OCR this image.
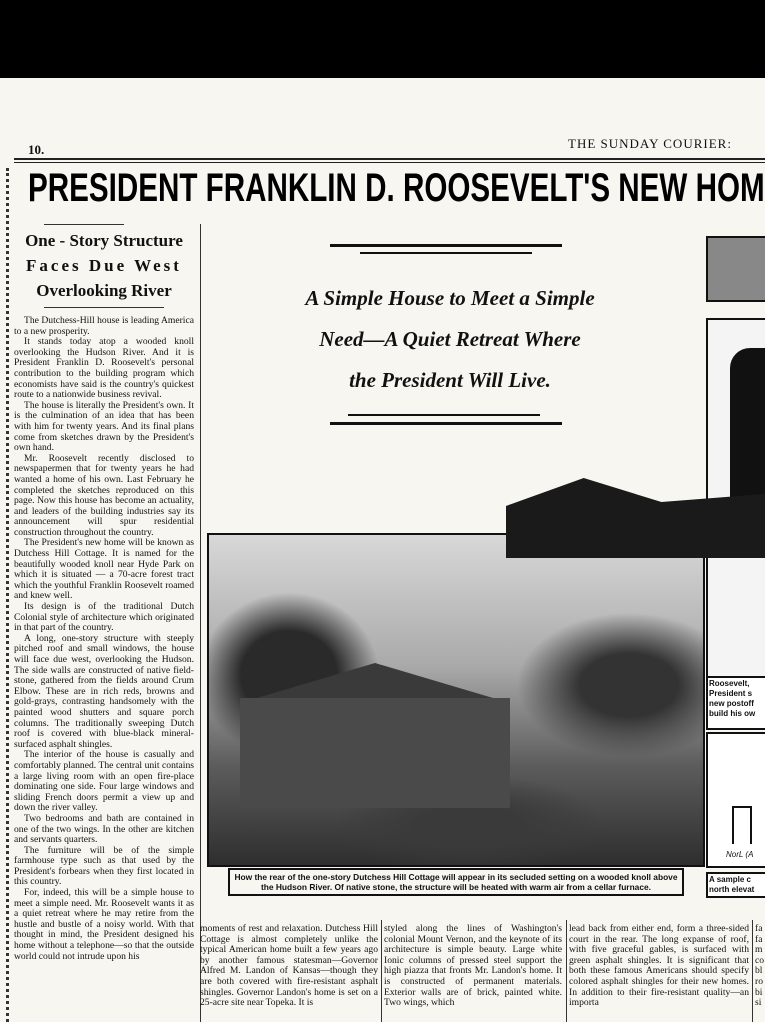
10.	THE SUNDAY COURIER:
PRESIDENT FRANKLIN D. ROOSEVELT'S NEW HOM
One - Story Structure
Faces Due West
Overlooking River

The Dutchess-Hill house is leading America to a new prosperity.

It stands today atop a wooded knoll overlooking the Hudson River. And it is President Franklin D. Roosevelt's personal contribution to the building program which economists have said is the country's quickest route to a nationwide business revival.

The house is literally the President's own. It is the culmination of an idea that has been with him for twenty years. And its final plans come from sketches drawn by the President's own hand.

Mr. Roosevelt recently disclosed to newspapermen that for twenty years he had wanted a home of his own. Last February he completed the sketches reproduced on this page. Now this house has become an actuality, and leaders of the building industries say its announcement will spur residential construction throughout the country.

The President's new home will be known as Dutchess Hill Cottage. It is named for the beautifully wooded knoll near Hyde Park on which it is situated — a 70-acre forest tract which the youthful Franklin Roosevelt roamed and knew well.

Its design is of the traditional Dutch Colonial style of architecture which originated in that part of the country.

A long, one-story structure with steeply pitched roof and small windows, the house will face due west, overlooking the Hudson. The side walls are constructed of native field-stone, gathered from the fields around Crum Elbow. These are in rich reds, browns and gold-grays, contrasting handsomely with the painted wood shutters and square porch columns. The traditionally sweeping Dutch roof is covered with blue-black mineral-surfaced asphalt shingles.

The interior of the house is casually and comfortably planned. The central unit contains a large living room with an open fire-place dominating one side. Four large windows and sliding French doors permit a view up and down the river valley.

Two bedrooms and bath are contained in one of the two wings. In the other are kitchen and servants quarters.

The furniture will be of the simple farmhouse type such as that used by the President's forbears when they first located in this country.

For, indeed, this will be a simple house to meet a simple need. Mr. Roosevelt wants it as a quiet retreat where he may retire from the hustle and bustle of a noisy world. With that thought in mind, the President designed his home without a telephone—so that the outside world could not intrude upon his

A Simple House to Meet a Simple
Need—A Quiet Retreat Where
the President Will Live.
How the rear of the one-story Dutchess Hill Cottage will appear in its secluded setting on a wooded knoll above the Hudson River. Of native stone, the structure will be heated with warm air from a cellar furnace.
Roosevelt,
President s
new postoff
build his ow
NorL (A
A sample c
north elevat

moments of rest and relaxation. Dutchess Hill Cottage is almost completely unlike the typical American home built a few years ago by another famous statesman—Governor Alfred M. Landon of Kansas—though they are both covered with fire-resistant asphalt shingles. Governor Landon's home is set on a 25-acre site near Topeka. It is

styled along the lines of Washington's colonial Mount Vernon, and the keynote of its architecture is simple beauty. Large white Ionic columns of pressed steel support the high piazza that fronts Mr. Landon's home. It is constructed of permanent materials. Exterior walls are of brick, painted white. Two wings, which

lead back from either end, form a three-sided court in the rear. The long expanse of roof, with five graceful gables, is surfaced with green asphalt shingles. It is significant that both these famous Americans should specify colored asphalt shingles for their new homes. In addition to their fire-resistant quality—an importa

fa fa m co bl ro bi si
